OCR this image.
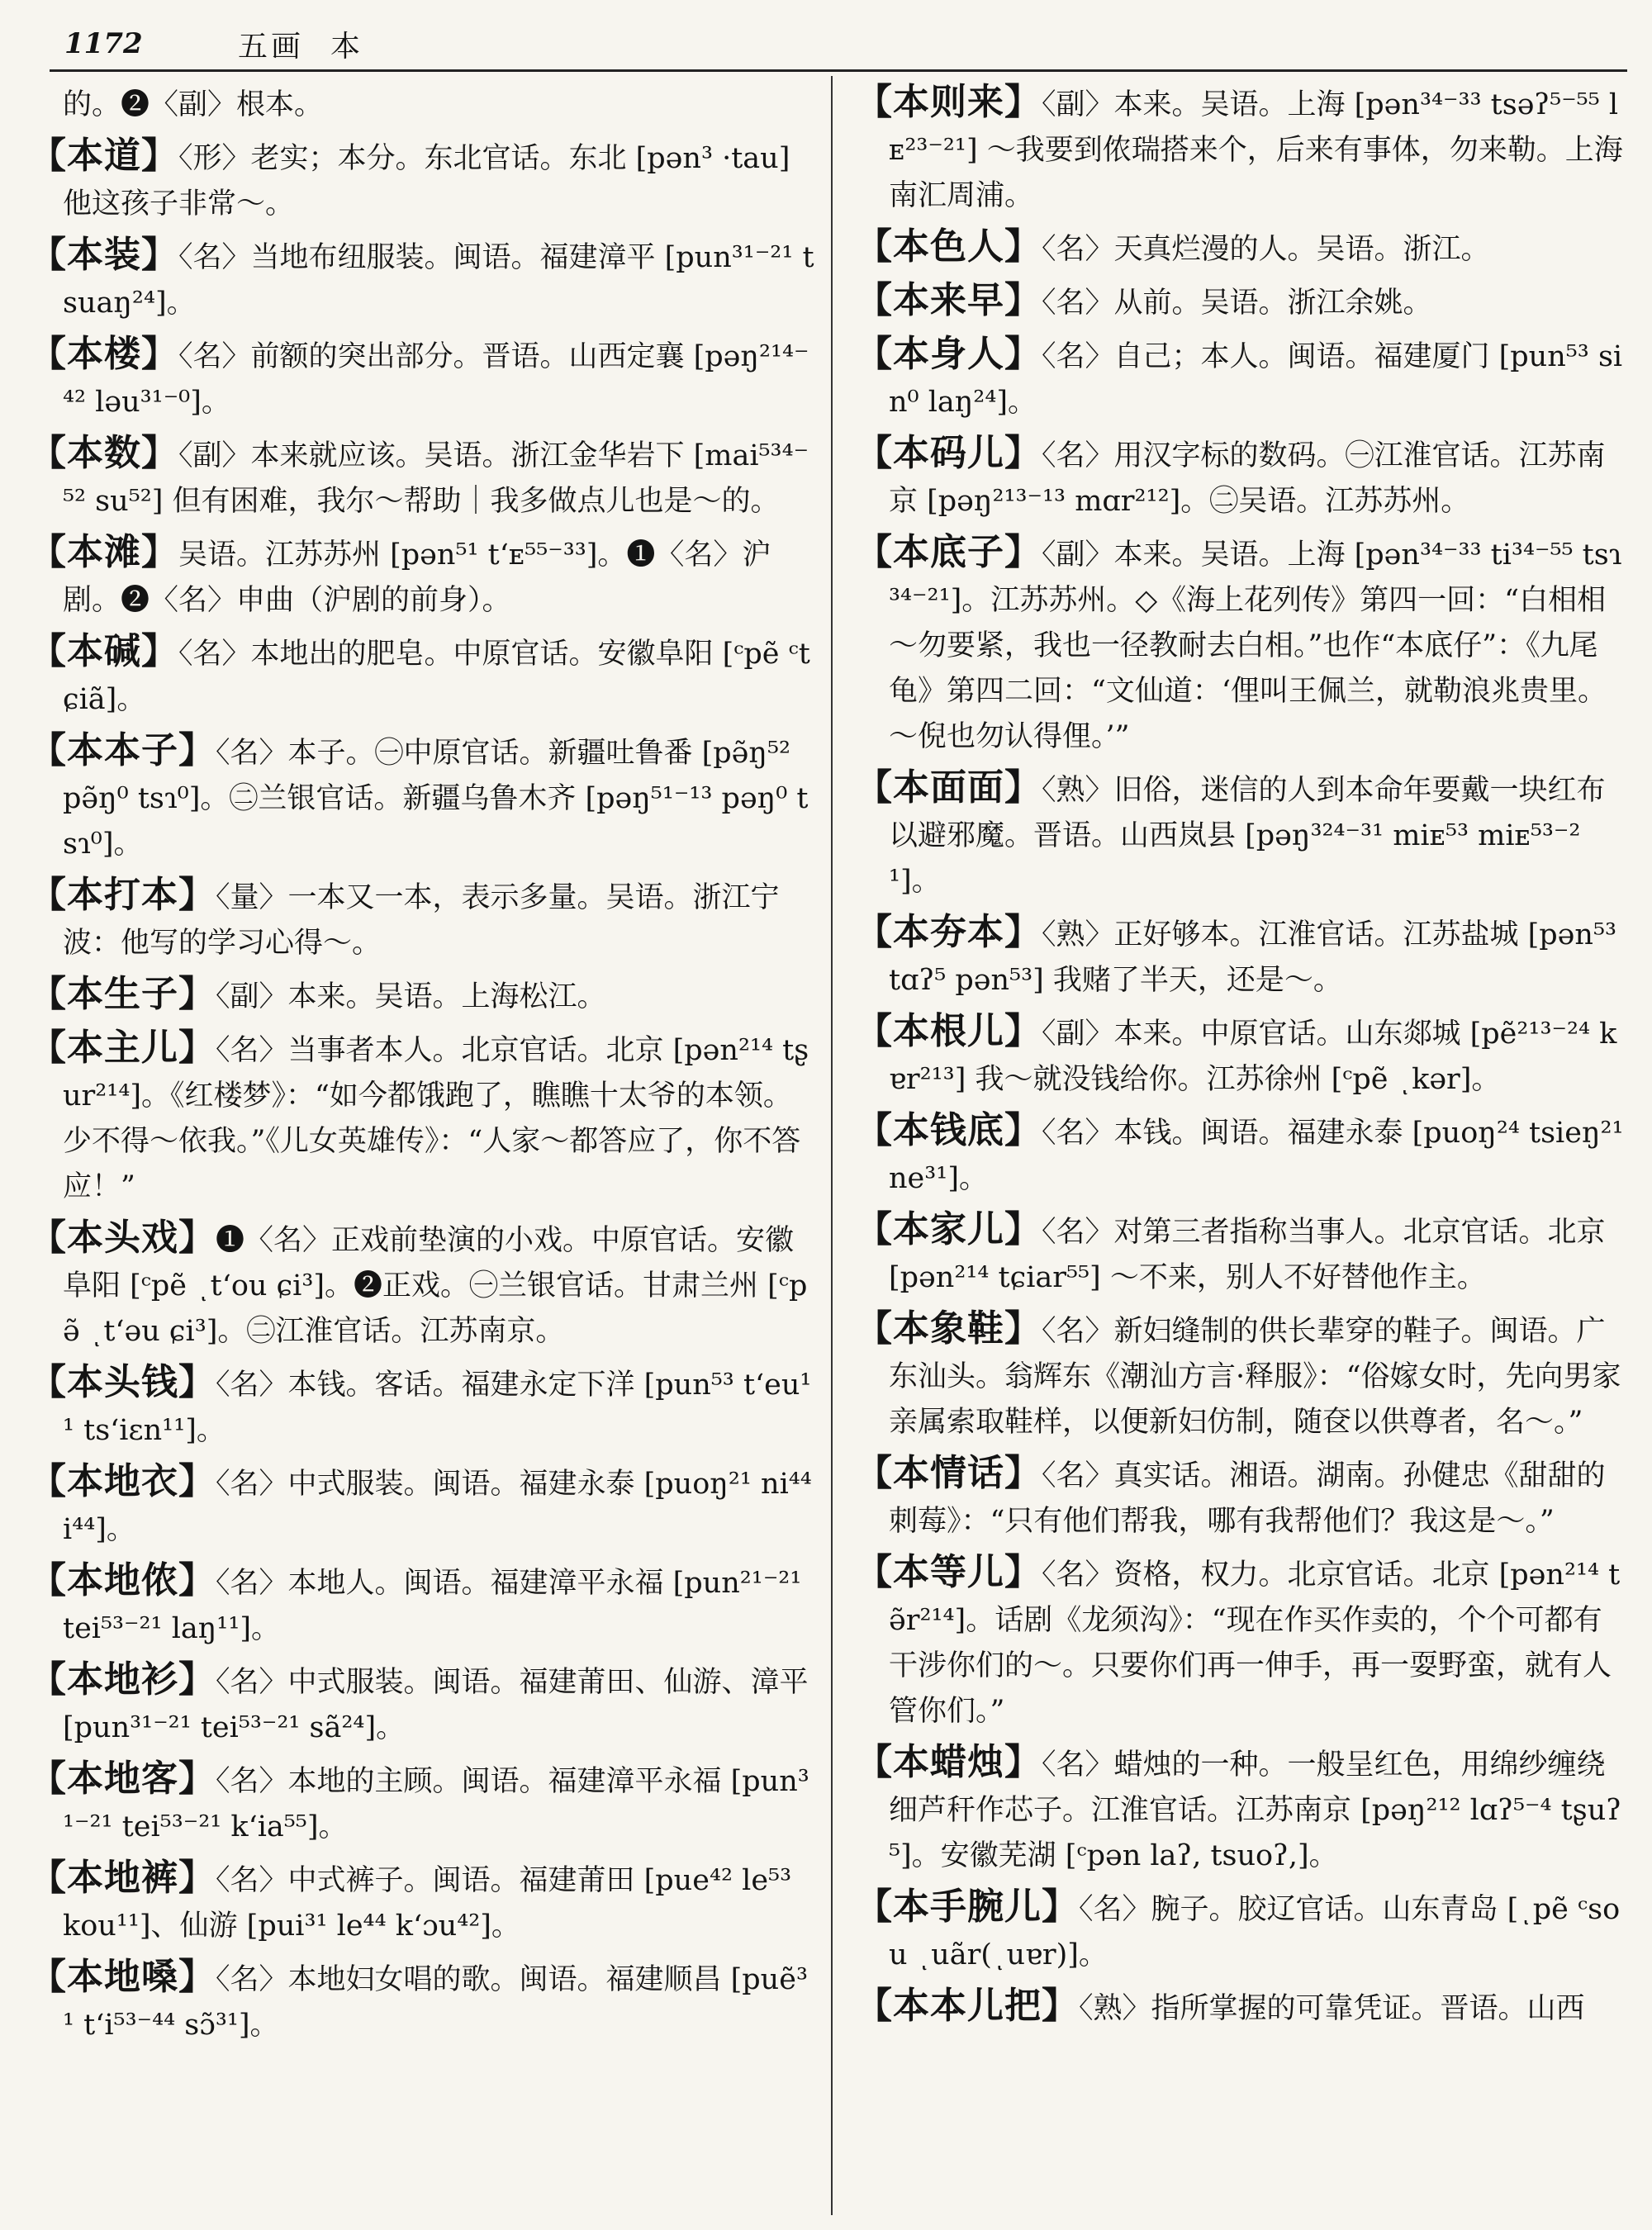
1172	五画 本

的。❷〈副〉根本。

【本道】〈形〉老实；本分。东北官话。东北 [pən³ ·tau] 他这孩子非常～。

【本装】〈名〉当地布纽服装。闽语。福建漳平 [pun³¹⁻²¹ tsuaŋ²⁴]。

【本楼】〈名〉前额的突出部分。晋语。山西定襄 [pəŋ²¹⁴⁻⁴² ləu³¹⁻⁰]。

【本数】〈副〉本来就应该。吴语。浙江金华岩下 [mai⁵³⁴⁻⁵² su⁵²] 但有困难，我尔～帮助｜我多做点儿也是～的。

【本滩】吴语。江苏苏州 [pən⁵¹ tʻᴇ⁵⁵⁻³³]。❶〈名〉沪剧。❷〈名〉申曲（沪剧的前身）。

【本碱】〈名〉本地出的肥皂。中原官话。安徽阜阳 [ᶜpẽ ᶜtɕiã]。

【本本子】〈名〉本子。㊀中原官话。新疆吐鲁番 [pə̃ŋ⁵² pə̃ŋ⁰ tsɿ⁰]。㊁兰银官话。新疆乌鲁木齐 [pəŋ⁵¹⁻¹³ pəŋ⁰ tsɿ⁰]。

【本打本】〈量〉一本又一本，表示多量。吴语。浙江宁波：他写的学习心得～。

【本生子】〈副〉本来。吴语。上海松江。

【本主儿】〈名〉当事者本人。北京官话。北京 [pən²¹⁴ tʂur²¹⁴]。《红楼梦》：“如今都饿跑了，瞧瞧十太爷的本领。少不得～依我。”《儿女英雄传》：“人家～都答应了，你不答应！”

【本头戏】❶〈名〉正戏前垫演的小戏。中原官话。安徽阜阳 [ᶜpẽ ͺtʻou ɕi³]。❷正戏。㊀兰银官话。甘肃兰州 [ᶜpə̃ ͺtʻəu ɕi³]。㊁江淮官话。江苏南京。

【本头钱】〈名〉本钱。客话。福建永定下洋 [pun⁵³ tʻeu¹¹ tsʻiɛn¹¹]。

【本地衣】〈名〉中式服装。闽语。福建永泰 [puoŋ²¹ ni⁴⁴ i⁴⁴]。

【本地侬】〈名〉本地人。闽语。福建漳平永福 [pun²¹⁻²¹ tei⁵³⁻²¹ laŋ¹¹]。

【本地衫】〈名〉中式服装。闽语。福建莆田、仙游、漳平 [pun³¹⁻²¹ tei⁵³⁻²¹ sã²⁴]。

【本地客】〈名〉本地的主顾。闽语。福建漳平永福 [pun³¹⁻²¹ tei⁵³⁻²¹ kʻia⁵⁵]。

【本地裤】〈名〉中式裤子。闽语。福建莆田 [pue⁴² le⁵³ kou¹¹]、仙游 [pui³¹ le⁴⁴ kʻɔu⁴²]。

【本地嗓】〈名〉本地妇女唱的歌。闽语。福建顺昌 [puẽ³¹ tʻi⁵³⁻⁴⁴ sɔ̃³¹]。

【本则来】〈副〉本来。吴语。上海 [pən³⁴⁻³³ tsəʔ⁵⁻⁵⁵ lᴇ²³⁻²¹] ～我要到侬瑞搭来个，后来有事体，勿来勒。上海南汇周浦。

【本色人】〈名〉天真烂漫的人。吴语。浙江。

【本来早】〈名〉从前。吴语。浙江余姚。

【本身人】〈名〉自己；本人。闽语。福建厦门 [pun⁵³ sin⁰ laŋ²⁴]。

【本码儿】〈名〉用汉字标的数码。㊀江淮官话。江苏南京 [pəŋ²¹³⁻¹³ mɑr²¹²]。㊁吴语。江苏苏州。

【本底子】〈副〉本来。吴语。上海 [pən³⁴⁻³³ ti³⁴⁻⁵⁵ tsɿ³⁴⁻²¹]。江苏苏州。◇《海上花列传》第四一回：“白相相～勿要紧，我也一径教耐去白相。”也作“本底仔”：《九尾龟》第四二回：“文仙道：‘俚叫王佩兰，就勒浪兆贵里。～倪也勿认得俚。’”

【本面面】〈熟〉旧俗，迷信的人到本命年要戴一块红布以避邪魔。晋语。山西岚县 [pəŋ³²⁴⁻³¹ miᴇ⁵³ miᴇ⁵³⁻²¹]。

【本夯本】〈熟〉正好够本。江淮官话。江苏盐城 [pən⁵³ tɑʔ⁵ pən⁵³] 我赌了半天，还是～。

【本根儿】〈副〉本来。中原官话。山东郯城 [pẽ²¹³⁻²⁴ kɐr²¹³] 我～就没钱给你。江苏徐州 [ᶜpẽ ͺkər]。

【本钱底】〈名〉本钱。闽语。福建永泰 [puoŋ²⁴ tsieŋ²¹ ne³¹]。

【本家儿】〈名〉对第三者指称当事人。北京官话。北京 [pən²¹⁴ tɕiar⁵⁵] ～不来，别人不好替他作主。

【本象鞋】〈名〉新妇缝制的供长辈穿的鞋子。闽语。广东汕头。翁辉东《潮汕方言·释服》：“俗嫁女时，先向男家亲属索取鞋样，以便新妇仿制，随奁以供尊者，名～。”

【本情话】〈名〉真实话。湘语。湖南。孙健忠《甜甜的刺莓》：“只有他们帮我，哪有我帮他们？我这是～。”

【本等儿】〈名〉资格，权力。北京官话。北京 [pən²¹⁴ tə̃r²¹⁴]。话剧《龙须沟》：“现在作买作卖的，个个可都有干涉你们的～。只要你们再一伸手，再一耍野蛮，就有人管你们。”

【本蜡烛】〈名〉蜡烛的一种。一般呈红色，用绵纱缠绕细芦秆作芯子。江淮官话。江苏南京 [pəŋ²¹² lɑʔ⁵⁻⁴ tʂuʔ⁵]。安徽芜湖 [ᶜpən laʔ, tsuoʔ,]。

【本手腕儿】〈名〉腕子。胶辽官话。山东青岛 [ͺpẽ ᶜsou ͺuãr(ͺuɐr)]。

【本本儿把】〈熟〉指所掌握的可靠凭证。晋语。山西
